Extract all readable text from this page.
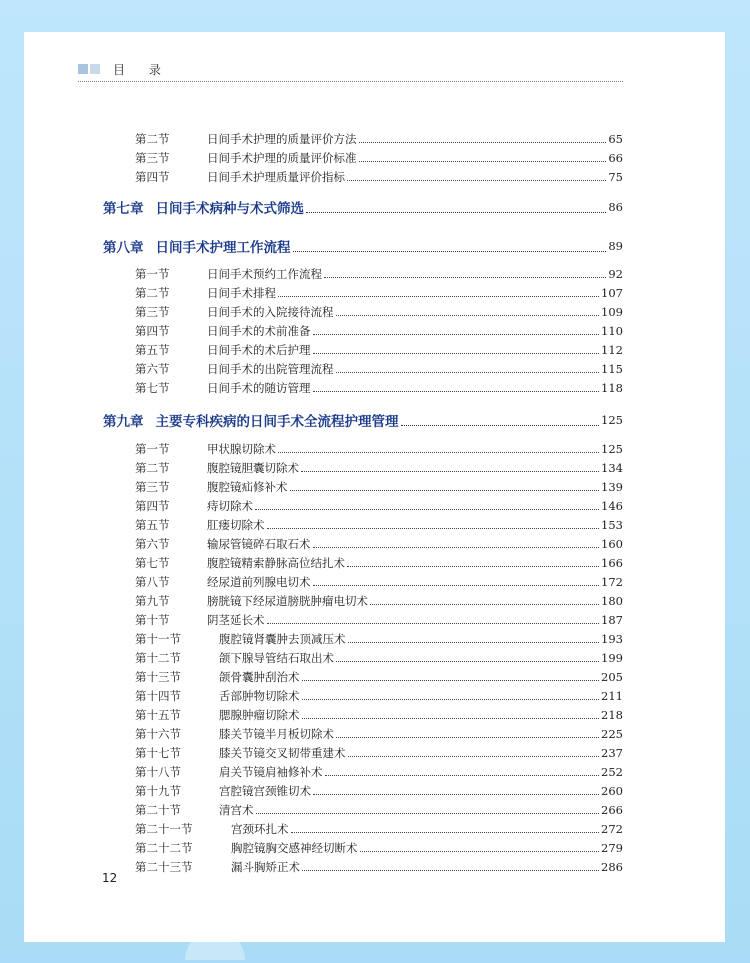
目 录
第二节	日间手术护理的质量评价方法	65
第三节	日间手术护理的质量评价标准	66
第四节	日间手术护理质量评价指标	75
第七章 日间手术病种与术式筛选	86
第八章 日间手术护理工作流程	89
第一节	日间手术预约工作流程	92
第二节	日间手术排程	107
第三节	日间手术的入院接待流程	109
第四节	日间手术的术前准备	110
第五节	日间手术的术后护理	112
第六节	日间手术的出院管理流程	115
第七节	日间手术的随访管理	118
第九章 主要专科疾病的日间手术全流程护理管理	125
第一节	甲状腺切除术	125
第二节	腹腔镜胆囊切除术	134
第三节	腹腔镜疝修补术	139
第四节	痔切除术	146
第五节	肛瘘切除术	153
第六节	输尿管镜碎石取石术	160
第七节	腹腔镜精索静脉高位结扎术	166
第八节	经尿道前列腺电切术	172
第九节	膀胱镜下经尿道膀胱肿瘤电切术	180
第十节	阴茎延长术	187
第十一节	腹腔镜肾囊肿去顶减压术	193
第十二节	颌下腺导管结石取出术	199
第十三节	颌骨囊肿刮治术	205
第十四节	舌部肿物切除术	211
第十五节	腮腺肿瘤切除术	218
第十六节	膝关节镜半月板切除术	225
第十七节	膝关节镜交叉韧带重建术	237
第十八节	肩关节镜肩袖修补术	252
第十九节	宫腔镜宫颈锥切术	260
第二十节	清宫术	266
第二十一节	宫颈环扎术	272
第二十二节	胸腔镜胸交感神经切断术	279
第二十三节	漏斗胸矫正术	286
12
